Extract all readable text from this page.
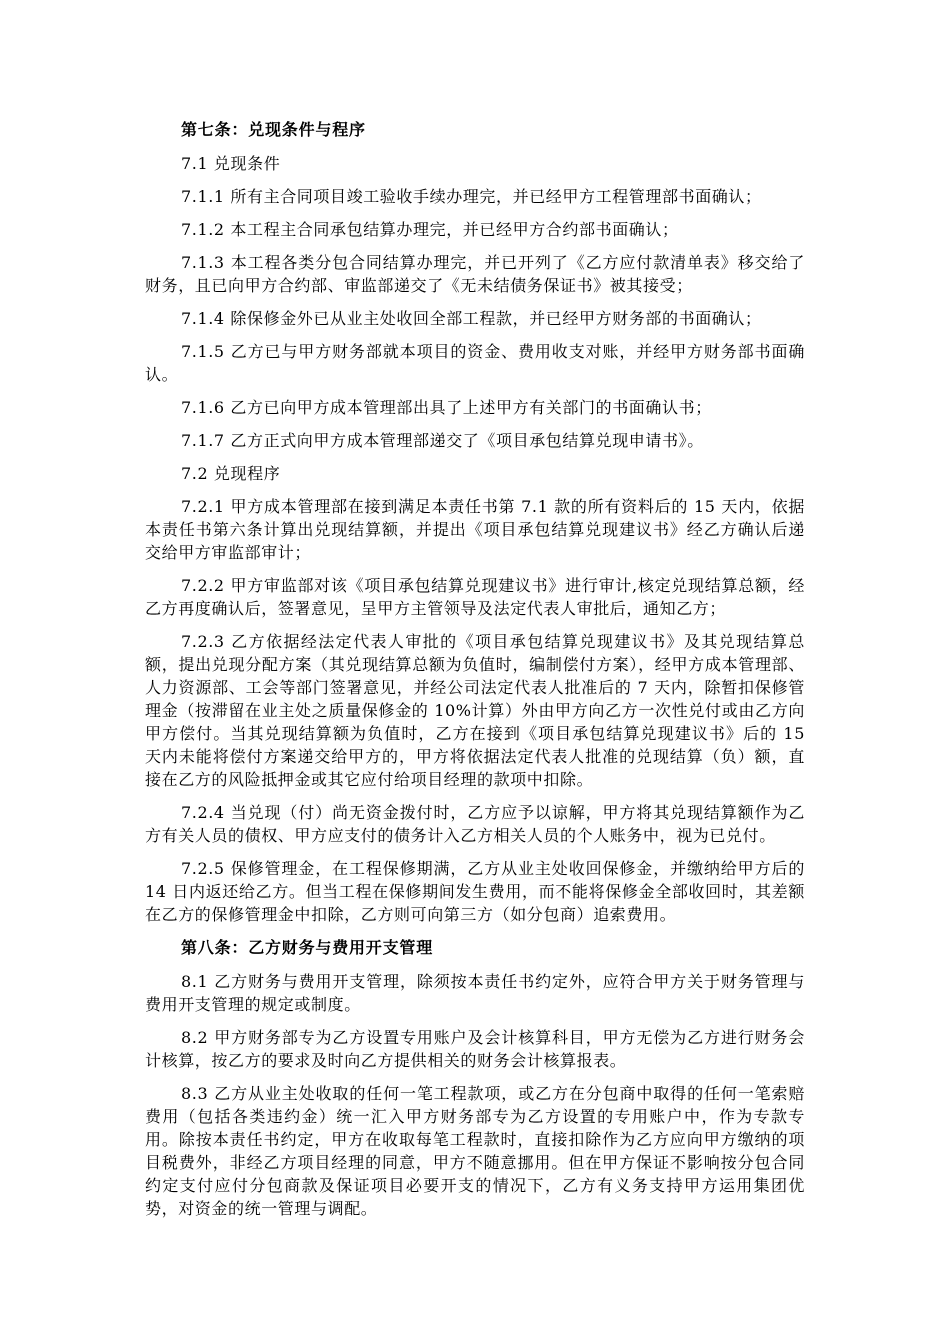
第七条：兑现条件与程序
7.1 兑现条件
7.1.1 所有主合同项目竣工验收手续办理完，并已经甲方工程管理部书面确认；
7.1.2 本工程主合同承包结算办理完，并已经甲方合约部书面确认；
7.1.3 本工程各类分包合同结算办理完，并已开列了《乙方应付款清单表》移交给了财务，且已向甲方合约部、审监部递交了《无未结债务保证书》被其接受；
7.1.4 除保修金外已从业主处收回全部工程款，并已经甲方财务部的书面确认；
7.1.5 乙方已与甲方财务部就本项目的资金、费用收支对账，并经甲方财务部书面确认。
7.1.6 乙方已向甲方成本管理部出具了上述甲方有关部门的书面确认书；
7.1.7 乙方正式向甲方成本管理部递交了《项目承包结算兑现申请书》。
7.2 兑现程序
7.2.1 甲方成本管理部在接到满足本责任书第 7.1 款的所有资料后的 15 天内，依据本责任书第六条计算出兑现结算额，并提出《项目承包结算兑现建议书》经乙方确认后递交给甲方审监部审计；
7.2.2 甲方审监部对该《项目承包结算兑现建议书》进行审计,核定兑现结算总额，经乙方再度确认后，签署意见，呈甲方主管领导及法定代表人审批后，通知乙方；
7.2.3 乙方依据经法定代表人审批的《项目承包结算兑现建议书》及其兑现结算总额，提出兑现分配方案（其兑现结算总额为负值时，编制偿付方案），经甲方成本管理部、人力资源部、工会等部门签署意见，并经公司法定代表人批准后的 7 天内，除暂扣保修管理金（按滞留在业主处之质量保修金的 10%计算）外由甲方向乙方一次性兑付或由乙方向甲方偿付。当其兑现结算额为负值时，乙方在接到《项目承包结算兑现建议书》后的 15 天内未能将偿付方案递交给甲方的，甲方将依据法定代表人批准的兑现结算（负）额，直接在乙方的风险抵押金或其它应付给项目经理的款项中扣除。
7.2.4 当兑现（付）尚无资金拨付时，乙方应予以谅解，甲方将其兑现结算额作为乙方有关人员的债权、甲方应支付的债务计入乙方相关人员的个人账务中，视为已兑付。
7.2.5 保修管理金，在工程保修期满，乙方从业主处收回保修金，并缴纳给甲方后的 14 日内返还给乙方。但当工程在保修期间发生费用，而不能将保修金全部收回时，其差额在乙方的保修管理金中扣除，乙方则可向第三方（如分包商）追索费用。
第八条：乙方财务与费用开支管理
8.1 乙方财务与费用开支管理，除须按本责任书约定外，应符合甲方关于财务管理与费用开支管理的规定或制度。
8.2 甲方财务部专为乙方设置专用账户及会计核算科目，甲方无偿为乙方进行财务会计核算，按乙方的要求及时向乙方提供相关的财务会计核算报表。
8.3 乙方从业主处收取的任何一笔工程款项，或乙方在分包商中取得的任何一笔索赔费用（包括各类违约金）统一汇入甲方财务部专为乙方设置的专用账户中，作为专款专用。除按本责任书约定，甲方在收取每笔工程款时，直接扣除作为乙方应向甲方缴纳的项目税费外，非经乙方项目经理的同意，甲方不随意挪用。但在甲方保证不影响按分包合同约定支付应付分包商款及保证项目必要开支的情况下，乙方有义务支持甲方运用集团优势，对资金的统一管理与调配。
